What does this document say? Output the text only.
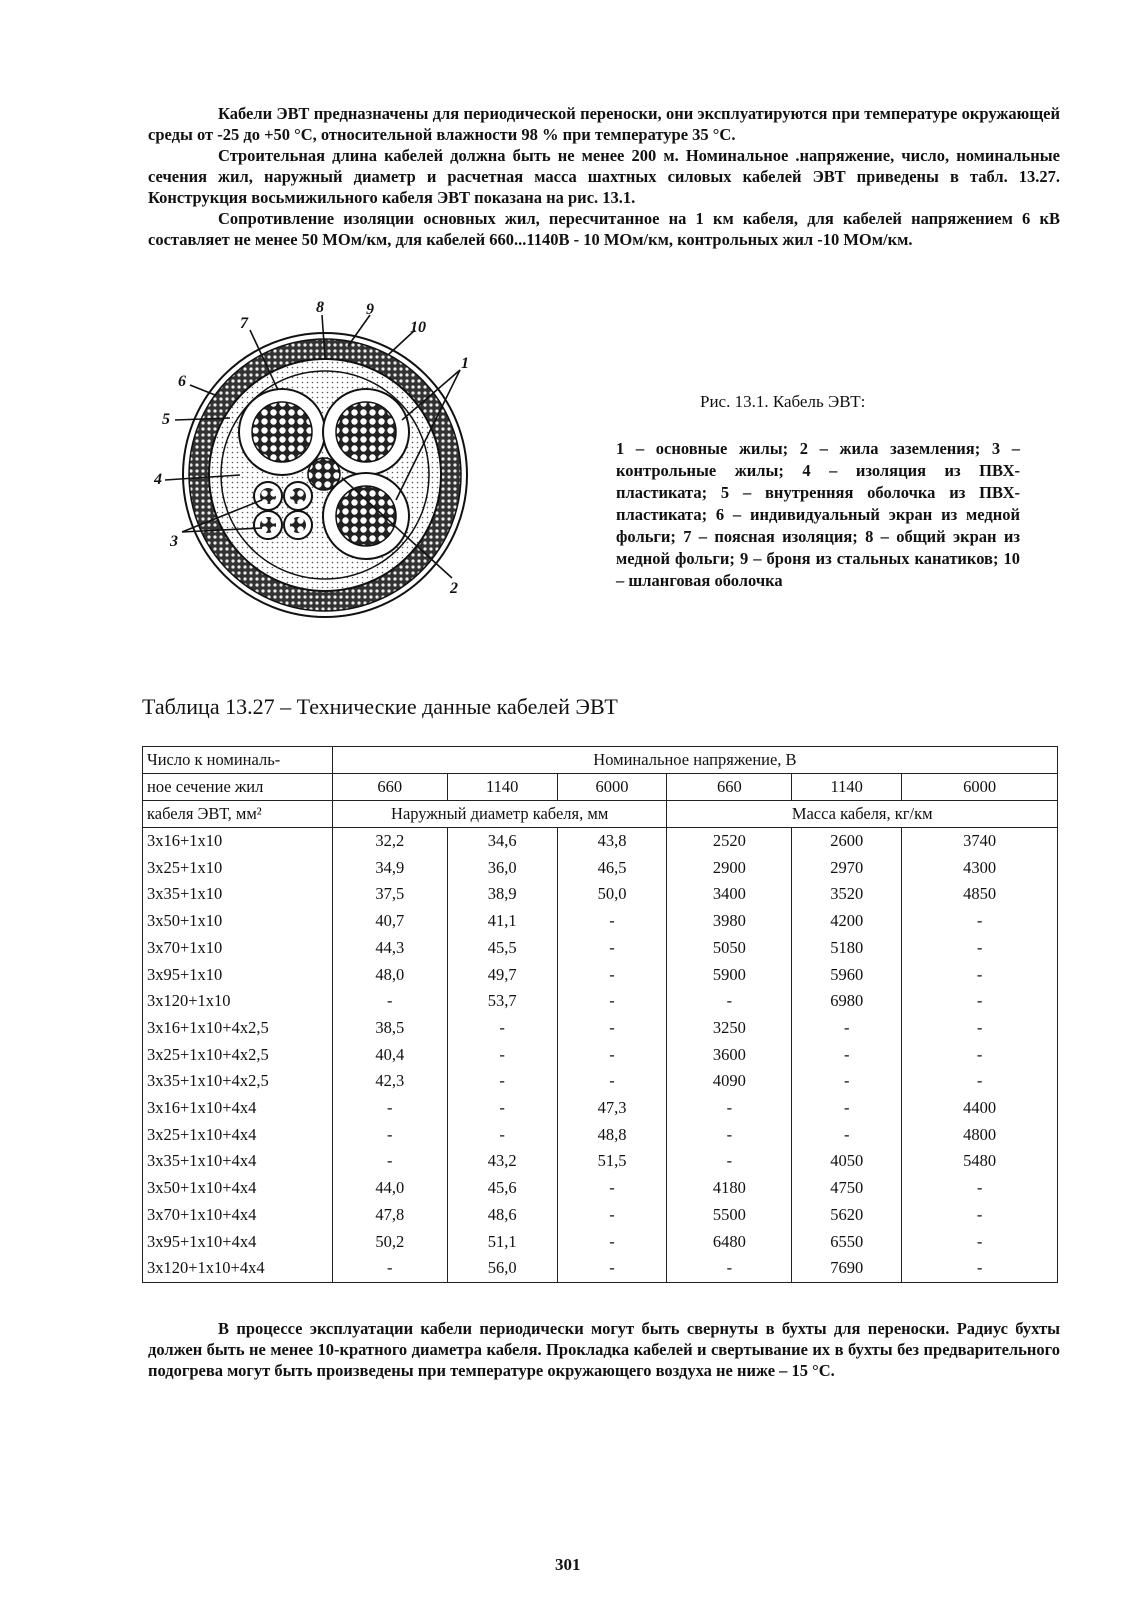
Кабели ЭВТ предназначены для периодической переноски, они эксплуатируются при температуре окружающей среды от -25 до +50 °С, относительной влажности 98 % при температуре 35 °С.

Строительная длина кабелей должна быть не менее 200 м. Номинальное .напряжение, число, номинальные сечения жил, наружный диаметр и расчетная масса шахтных силовых кабелей ЭВТ приведены в табл. 13.27. Конструкция восьмижильного кабеля ЭВТ показана на рис. 13.1.

Сопротивление изоляции основных жил, пересчитанное на 1 км кабеля, для кабелей напряжением 6 кВ составляет не менее 50 МОм/км, для кабелей 660...1140В - 10 МОм/км, контрольных жил -10 МОм/км.

1
2
3
4
5
6
7
8	9
10
Рис. 13.1. Кабель ЭВТ:
1 – основные жилы; 2 – жила заземления; 3 – контрольные жилы; 4 – изоляция из ПВХ-пластиката; 5 – внутренняя оболочка из ПВХ-пластиката; 6 – индивидуальный экран из медной фольги; 7 – поясная изоляция; 8 – общий экран из медной фольги; 9 – броня из стальных канатиков; 10 – шланговая оболочка
Таблица 13.27 – Технические данные кабелей ЭВТ
Число к номиналь-	Номинальное напряжение, В					
ное сечение жил	660	1140	6000	660	1140	6000
кабеля ЭВТ, мм²	Наружный диаметр кабеля, мм			Масса кабеля, кг/км		
3x16+1x10	32,2	34,6	43,8	2520	2600	3740
3x25+1x10	34,9	36,0	46,5	2900	2970	4300
3x35+1x10	37,5	38,9	50,0	3400	3520	4850
3x50+1x10	40,7	41,1	-	3980	4200	-
3x70+1x10	44,3	45,5	-	5050	5180	-
3x95+1x10	48,0	49,7	-	5900	5960	-
3x120+1x10	-	53,7	-	-	6980	-
3x16+1x10+4x2,5	38,5	-	-	3250	-	-
3x25+1x10+4x2,5	40,4	-	-	3600	-	-
3x35+1x10+4x2,5	42,3	-	-	4090	-	-
3x16+1x10+4x4	-	-	47,3	-	-	4400
3x25+1x10+4x4	-	-	48,8	-	-	4800
3x35+1x10+4x4	-	43,2	51,5	-	4050	5480
3x50+1x10+4x4	44,0	45,6	-	4180	4750	-
3x70+1x10+4x4	47,8	48,6	-	5500	5620	-
3x95+1x10+4x4	50,2	51,1	-	6480	6550	-
3x120+1x10+4x4	-	56,0	-	-	7690	-

В процессе эксплуатации кабели периодически могут быть свернуты в бухты для переноски. Радиус бухты должен быть не менее 10-кратного диаметра кабеля. Прокладка кабелей и свертывание их в бухты без предварительного подогрева могут быть произведены при температуре окружающего воздуха не ниже – 15 °С.

301
